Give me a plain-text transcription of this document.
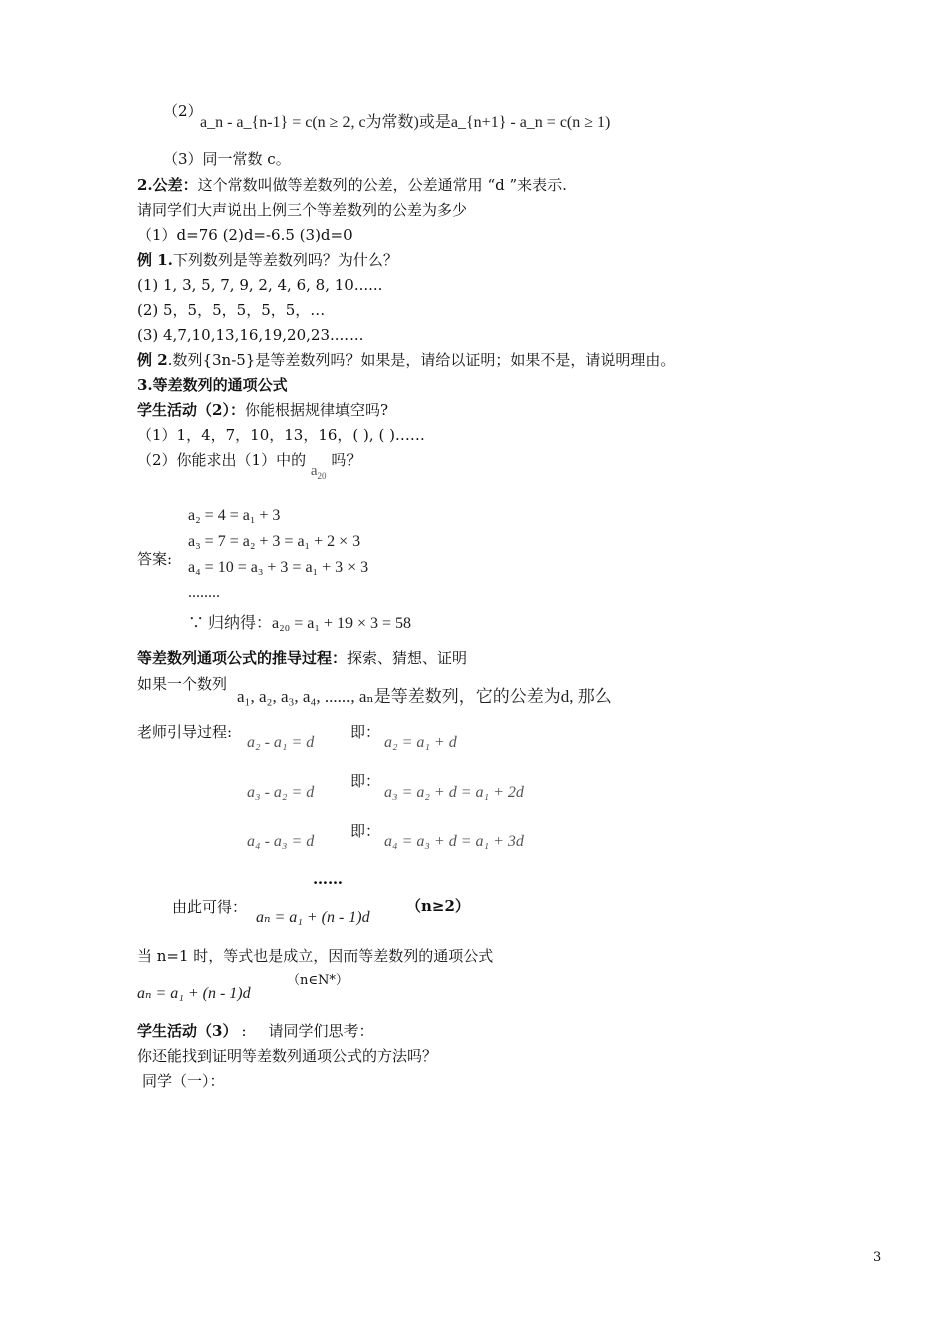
（2）
a_n - a_{n-1} = c(n ≥ 2, c为常数)或是a_{n+1} - a_n = c(n ≥ 1)
（3）同一常数 c。
2.公差：这个常数叫做等差数列的公差，公差通常用 “d ”来表示.
请同学们大声说出上例三个等差数列的公差为多少
（1）d=76 (2)d=-6.5 (3)d=0
例 1.下列数列是等差数列吗？为什么？
(1) 1, 3, 5, 7, 9, 2, 4, 6, 8, 10......
(2) 5，5，5，5，5，5，…
(3) 4,7,10,13,16,19,20,23.......
例 2.数列{3n-5}是等差数列吗？如果是，请给以证明；如果不是，请说明理由。
3.等差数列的通项公式
学生活动（2）：你能根据规律填空吗?
（1）1，4，7，10，13，16，( ), ( )……
（2）你能求出（1）中的 $a_{20}$ 吗？
答案:
a₂ = 4 = a₁ + 3
a₃ = 7 = a₂ + 3 = a₁ + 2 × 3
a₄ = 10 = a₃ + 3 = a₁ + 3 × 3
........
∵ 归纳得：a₂₀ = a₁ + 19 × 3 = 58
等差数列通项公式的推导过程：探索、猜想、证明
如果一个数列
a₁, a₂, a₃, a₄, ......, aₙ是等差数列，它的公差为d, 那么
老师引导过程:
a₂ - a₁ = d
即：
a₂ = a₁ + d
a₃ - a₂ = d
即：
a₃ = a₂ + d = a₁ + 2d
a₄ - a₃ = d
即：
a₄ = a₃ + d = a₁ + 3d
……
由此可得：
aₙ = a₁ + (n - 1)d
（n≥2）
当 n=1 时，等式也是成立，因而等差数列的通项公式
aₙ = a₁ + (n - 1)d
（n∈N*）
学生活动（3） : 请同学们思考：
你还能找到证明等差数列通项公式的方法吗？
同学（一）：
3
